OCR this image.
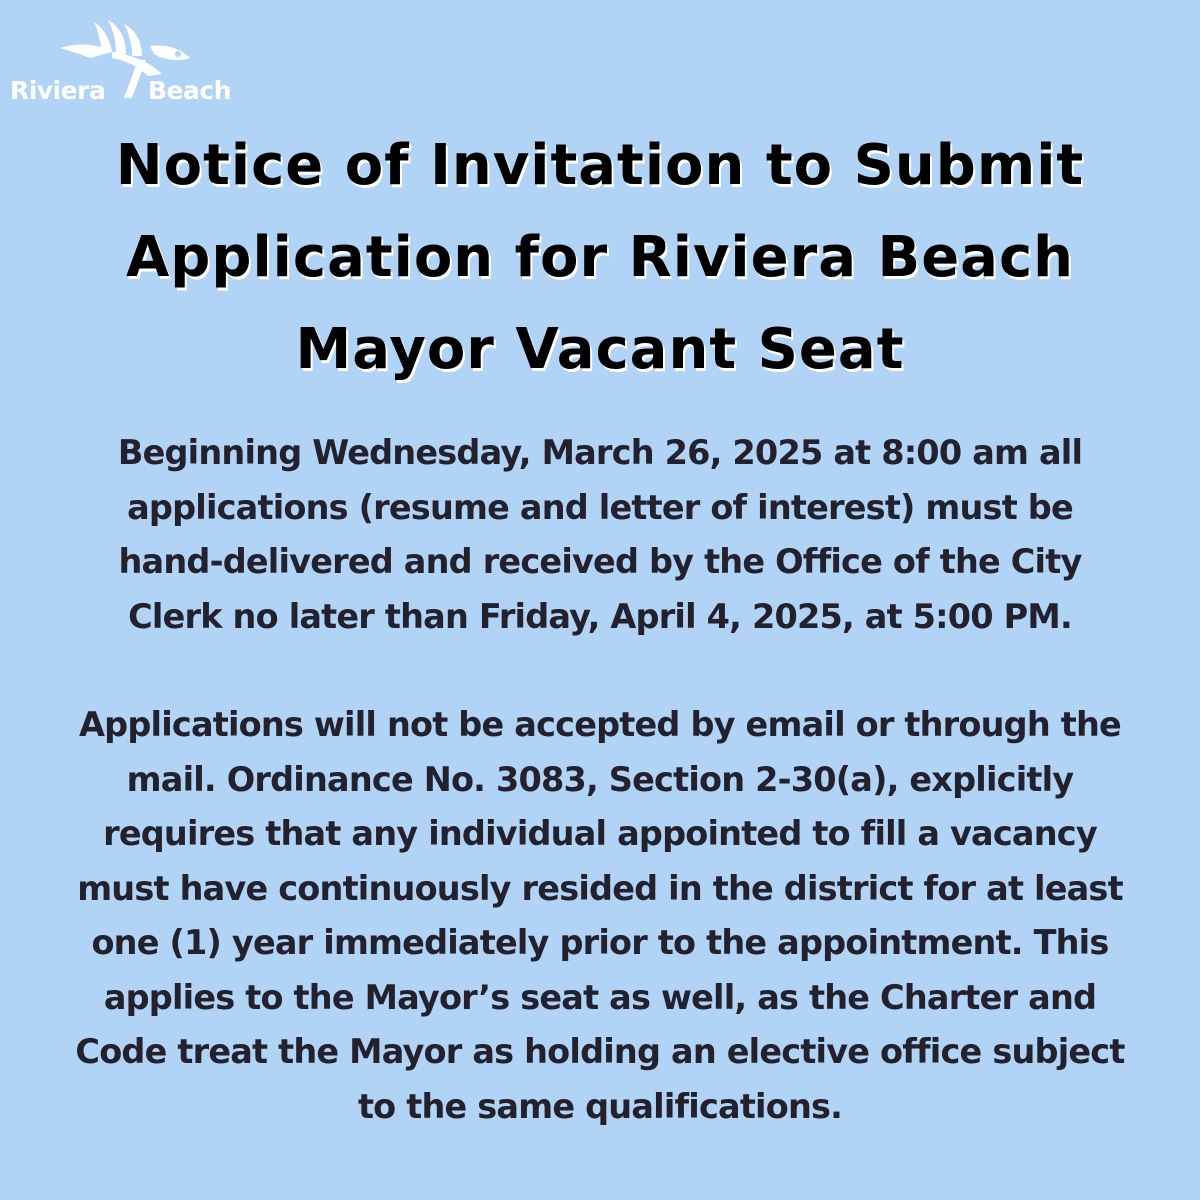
Riviera Beach
Notice of Invitation to Submit
Application for Riviera Beach
Mayor Vacant Seat

Beginning Wednesday, March 26, 2025 at 8:00 am all
applications (resume and letter of interest) must be
hand-delivered and received by the Office of the City
Clerk no later than Friday, April 4, 2025, at 5:00 PM.

Applications will not be accepted by email or through the
mail. Ordinance No. 3083, Section 2-30(a), explicitly
requires that any individual appointed to fill a vacancy
must have continuously resided in the district for at least
one (1) year immediately prior to the appointment. This
applies to the Mayor’s seat as well, as the Charter and
Code treat the Mayor as holding an elective office subject
to the same qualifications.
